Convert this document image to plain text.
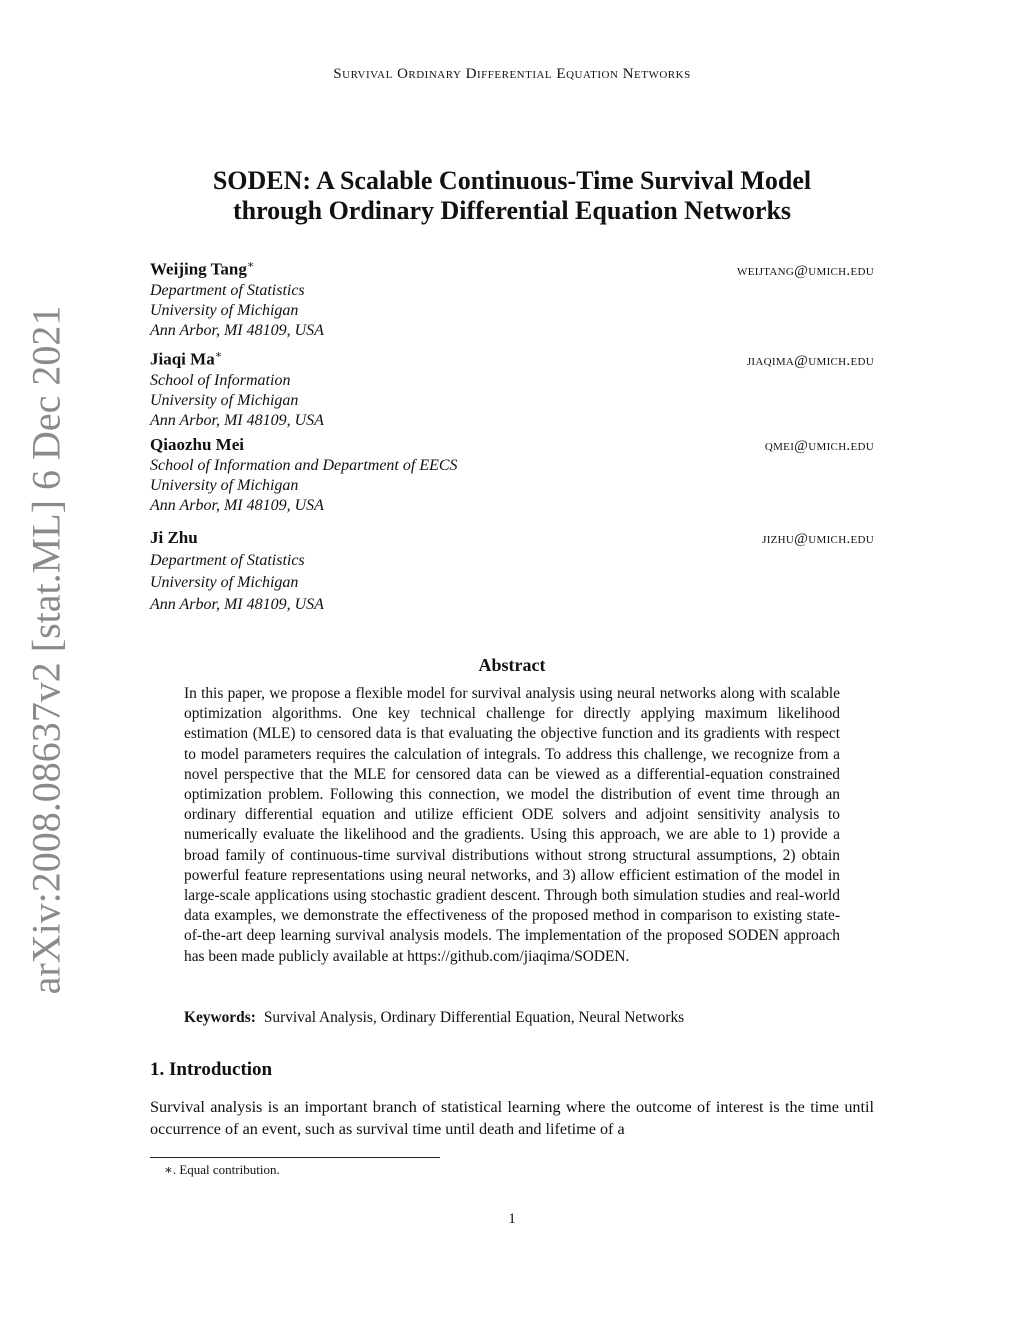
Survival Ordinary Differential Equation Networks
arXiv:2008.08637v2 [stat.ML] 6 Dec 2021
SODEN: A Scalable Continuous-Time Survival Model
through Ordinary Differential Equation Networks
Weijing Tang∗	weijtang@umich.edu
Department of Statistics
University of Michigan
Ann Arbor, MI 48109, USA
Jiaqi Ma∗	jiaqima@umich.edu
School of Information
University of Michigan
Ann Arbor, MI 48109, USA
Qiaozhu Mei	qmei@umich.edu
School of Information and Department of EECS
University of Michigan
Ann Arbor, MI 48109, USA
Ji Zhu	jizhu@umich.edu
Department of Statistics
University of Michigan
Ann Arbor, MI 48109, USA
Abstract
In this paper, we propose a flexible model for survival analysis using neural networks along with scalable optimization algorithms. One key technical challenge for directly applying maximum likelihood estimation (MLE) to censored data is that evaluating the objective function and its gradients with respect to model parameters requires the calculation of integrals. To address this challenge, we recognize from a novel perspective that the MLE for censored data can be viewed as a differential-equation constrained optimization problem. Following this connection, we model the distribution of event time through an ordinary differential equation and utilize efficient ODE solvers and adjoint sensitivity analysis to numerically evaluate the likelihood and the gradients. Using this approach, we are able to 1) provide a broad family of continuous-time survival distributions without strong structural assumptions, 2) obtain powerful feature representations using neural networks, and 3) allow efficient estimation of the model in large-scale applications using stochastic gradient descent. Through both simulation studies and real-world data examples, we demonstrate the effectiveness of the proposed method in comparison to existing state-of-the-art deep learning survival analysis models. The implementation of the proposed SODEN approach has been made publicly available at https://github.com/jiaqima/SODEN.
Keywords: Survival Analysis, Ordinary Differential Equation, Neural Networks
1. Introduction
Survival analysis is an important branch of statistical learning where the outcome of interest is the time until occurrence of an event, such as survival time until death and lifetime of a
∗. Equal contribution.
1
